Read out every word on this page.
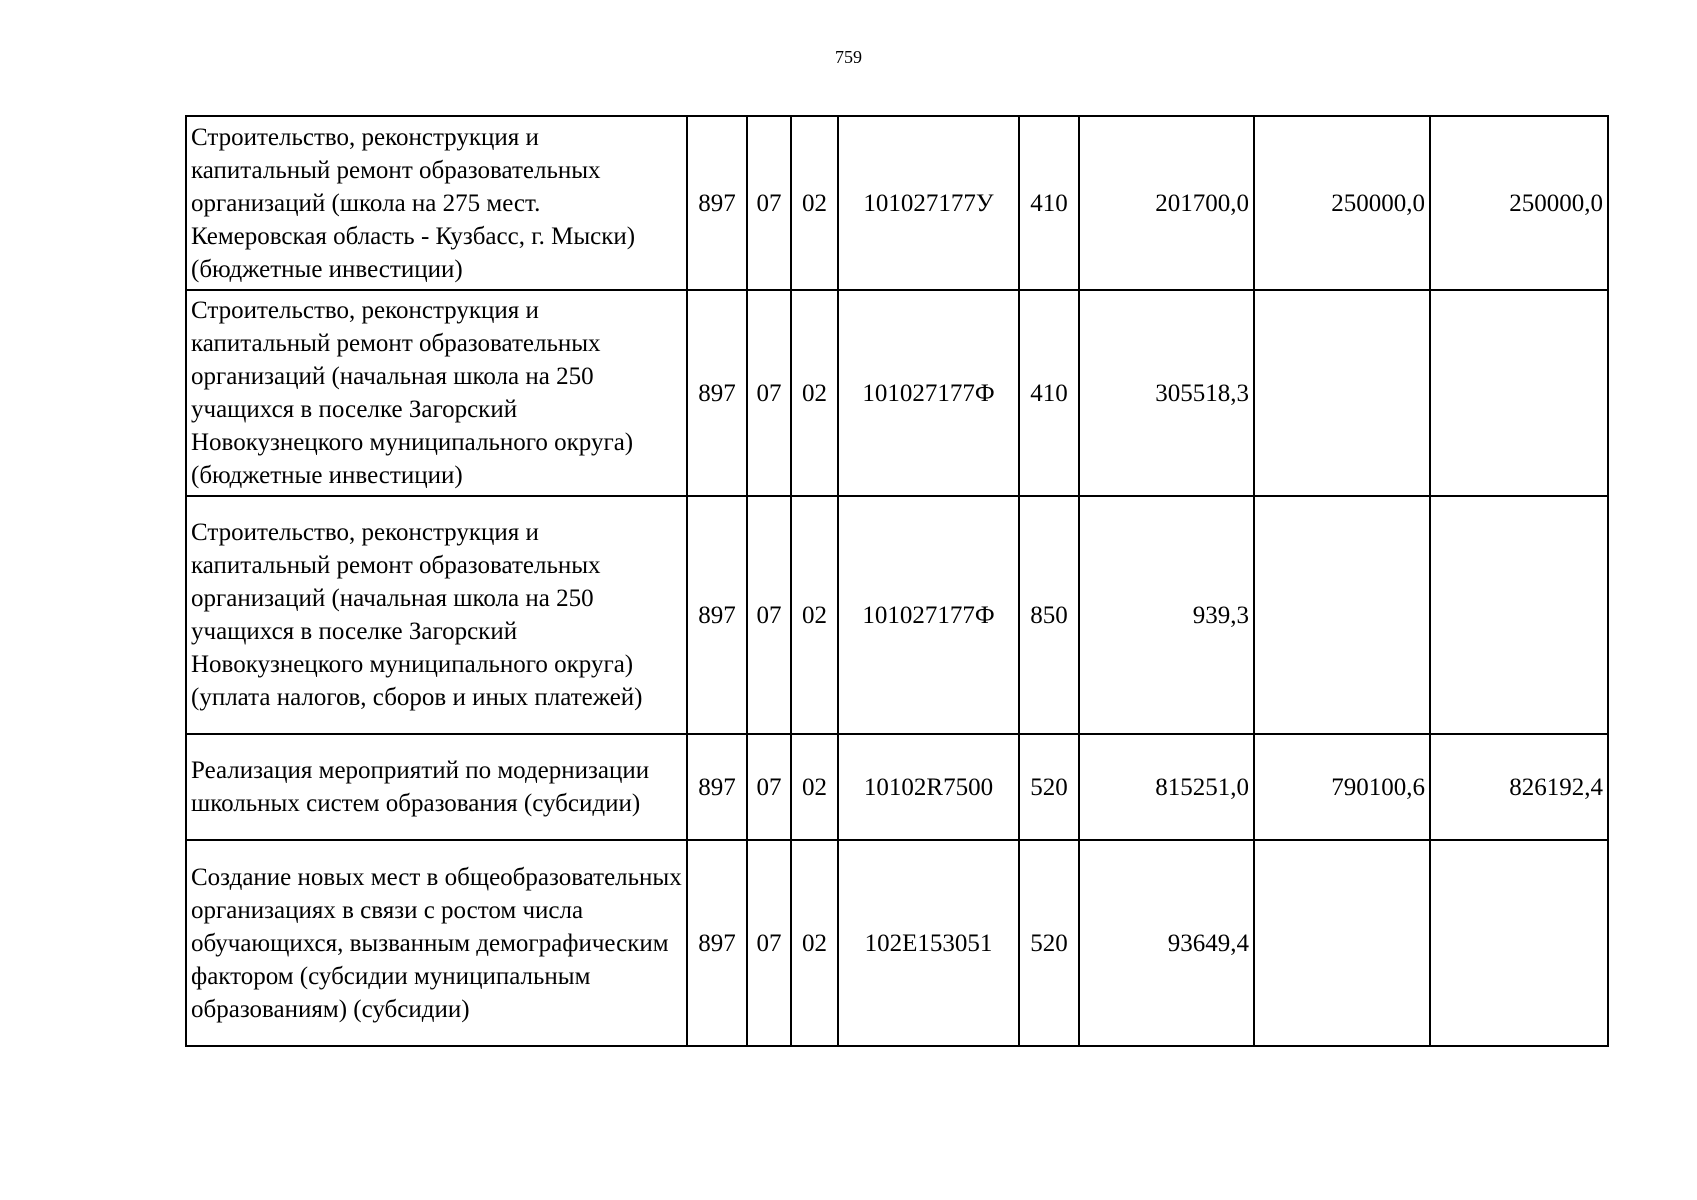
759
Строительство, реконструкция и капитальный ремонт образовательных организаций (школа на 275 мест. Кемеровская область - Кузбасс, г. Мыски) (бюджетные инвестиции)	897	07	02	101027177У	410	201700,0	250000,0	250000,0
Строительство, реконструкция и капитальный ремонт образовательных организаций (начальная школа на 250 учащихся в поселке Загорский Новокузнецкого муниципального округа) (бюджетные инвестиции)	897	07	02	101027177Ф	410	305518,3		
Строительство, реконструкция и капитальный ремонт образовательных организаций (начальная школа на 250 учащихся в поселке Загорский Новокузнецкого муниципального округа) (уплата налогов, сборов и иных платежей)	897	07	02	101027177Ф	850	939,3		
Реализация мероприятий по модернизации школьных систем образования (субсидии)	897	07	02	10102R7500	520	815251,0	790100,6	826192,4
Создание новых мест в общеобразовательных организациях в связи с ростом числа обучающихся, вызванным демографическим фактором (субсидии муниципальным образованиям) (субсидии)	897	07	02	102E153051	520	93649,4		
